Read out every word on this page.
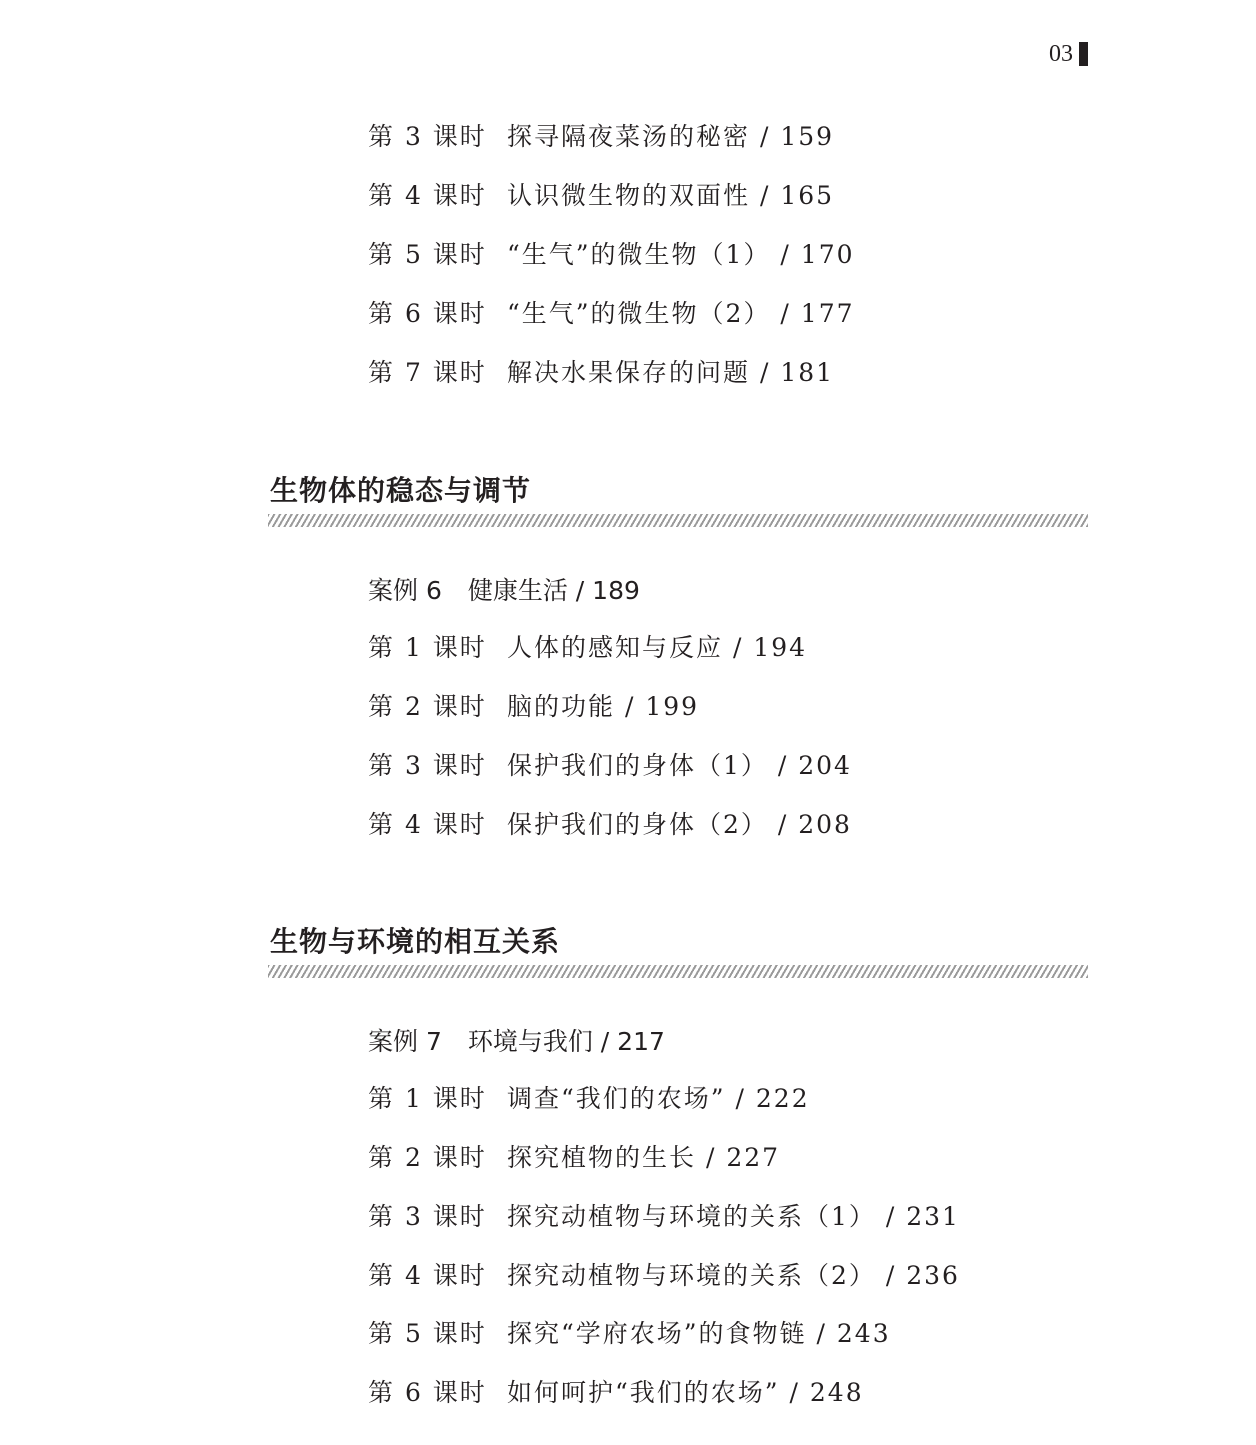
03
第 3 课时 探寻隔夜菜汤的秘密 / 159
第 4 课时 认识微生物的双面性 / 165
第 5 课时 “生气”的微生物（1） / 170
第 6 课时 “生气”的微生物（2） / 177
第 7 课时 解决水果保存的问题 / 181
生物体的稳态与调节
案例 6 健康生活 / 189
第 1 课时 人体的感知与反应 / 194
第 2 课时 脑的功能 / 199
第 3 课时 保护我们的身体（1） / 204
第 4 课时 保护我们的身体（2） / 208
生物与环境的相互关系
案例 7 环境与我们 / 217
第 1 课时 调查“我们的农场” / 222
第 2 课时 探究植物的生长 / 227
第 3 课时 探究动植物与环境的关系（1） / 231
第 4 课时 探究动植物与环境的关系（2） / 236
第 5 课时 探究“学府农场”的食物链 / 243
第 6 课时 如何呵护“我们的农场” / 248
